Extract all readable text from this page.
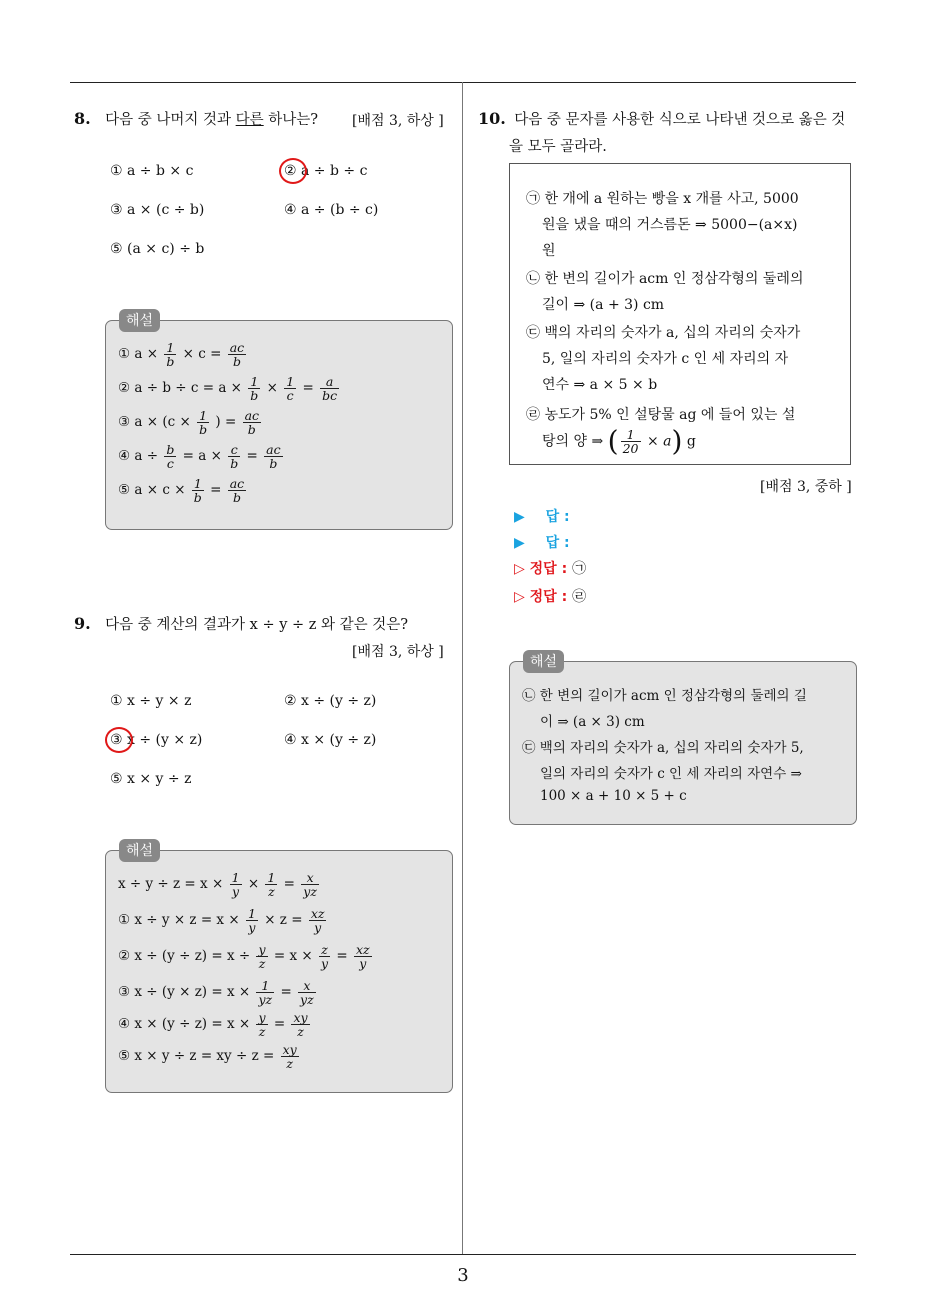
8. 다음 중 나머지 것과 다른 하나는?	[배점 3, 하상 ]
① a ÷ b × c	② a ÷ b ÷ c
③ a × (c ÷ b)	④ a ÷ (b ÷ c)
⑤ (a × c) ÷ b
① $a \times \frac{1}{b} \times c = \frac{ac}{b}$
② $a \div b \div c = a \times \frac{1}{b} \times \frac{1}{c} = \frac{a}{bc}$
③ $a \times (c \times \frac{1}{b}$ ) = $\frac{ac}{b}$
④ $a \div \frac{b}{c} = a \times \frac{c}{b} = \frac{ac}{b}$
⑤ $a \times c \times \frac{1}{b} = \frac{ac}{b}$
해설
9. 다음 중 계산의 결과가 x ÷ y ÷ z 와 같은 것은?
[배점 3, 하상 ]
① x ÷ y × z	② x ÷ (y ÷ z)
③ x ÷ (y × z)	④ x × (y ÷ z)
⑤ x × y ÷ z
$x \div y \div z = x \times \frac{1}{y} \times \frac{1}{z} = \frac{x}{yz}$
① $x \div y \times z = x \times \frac{1}{y} \times z = \frac{xz}{y}$
② $x \div (y \div z) = x \div \frac{y}{z} = x \times \frac{z}{y} = \frac{xz}{y}$
③ $x \div (y \times z) = x \times \frac{1}{yz} = \frac{x}{yz}$
④ $x \times (y \div z) = x \times \frac{y}{z} = \frac{xy}{z}$
⑤ x × y ÷ z = xy ÷ $z = \frac{xy}{z}$
해설
10. 다음 중 문자를 사용한 식으로 나타낸 것으로 옳은 것
을 모두 골라라.
㉠ 한 개에 a 원하는 빵을 x 개를 사고, 5000
원을 냈을 때의 거스름돈 ⇒ 5000−(a×x)
원
㉡ 한 변의 길이가 acm 인 정삼각형의 둘레의
길이 ⇒ (a + 3) cm
㉢ 백의 자리의 숫자가 a, 십의 자리의 숫자가
5, 일의 자리의 숫자가 c 인 세 자리의 자
연수 ⇒ a × 5 × b
㉣ 농도가 5% 인 설탕물 ag 에 들어 있는 설
탕의 양 ⇒ ( $\frac{1}{20} \times a$) g
[배점 3, 중하 ]
▶ 답 :
▶ 답 :
▷ 정답 : ㉠
▷ 정답 : ㉣
㉡ 한 변의 길이가 acm 인 정삼각형의 둘레의 길
이 ⇒ (a × 3) cm
㉢ 백의 자리의 숫자가 a, 십의 자리의 숫자가 5,
일의 자리의 숫자가 c 인 세 자리의 자연수 ⇒
100 × a + 10 × 5 + c
해설
3
